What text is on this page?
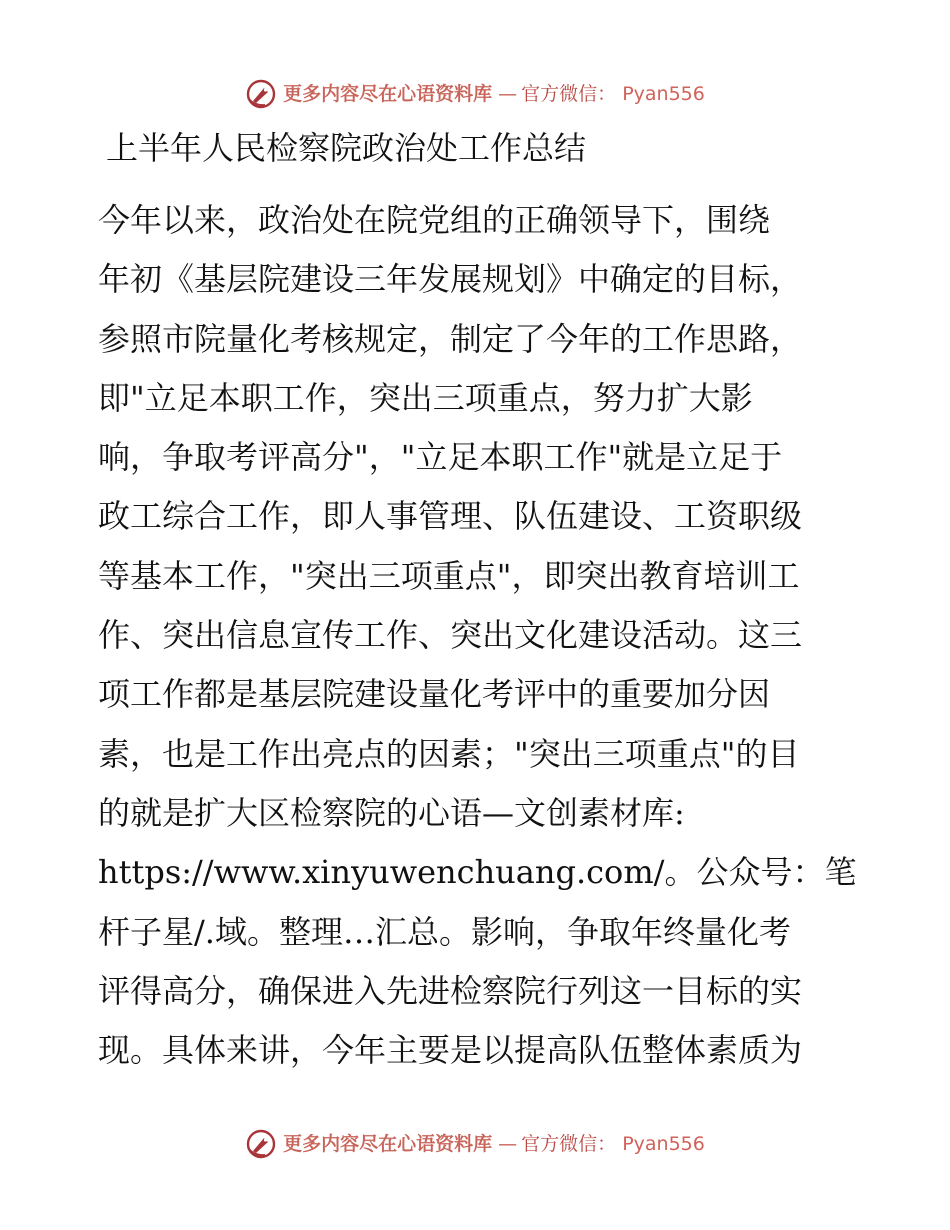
更多内容尽在心语资料库 — 官方微信： Pyan556
上半年人民检察院政治处工作总结
今年以来，政治处在院党组的正确领导下，围绕
年初《基层院建设三年发展规划》中确定的目标，
参照市院量化考核规定，制定了今年的工作思路，
即"立足本职工作，突出三项重点，努力扩大影
响，争取考评高分"，"立足本职工作"就是立足于
政工综合工作，即人事管理、队伍建设、工资职级
等基本工作，"突出三项重点"，即突出教育培训工
作、突出信息宣传工作、突出文化建设活动。这三
项工作都是基层院建设量化考评中的重要加分因
素，也是工作出亮点的因素；"突出三项重点"的目
的就是扩大区检察院的心语—文创素材库:
https://www.xinyuwenchuang.com/。公众号：笔
杆子星/.域。整理…汇总。影响，争取年终量化考
评得高分，确保进入先进检察院行列这一目标的实
现。具体来讲，今年主要是以提高队伍整体素质为
更多内容尽在心语资料库 — 官方微信： Pyan556
